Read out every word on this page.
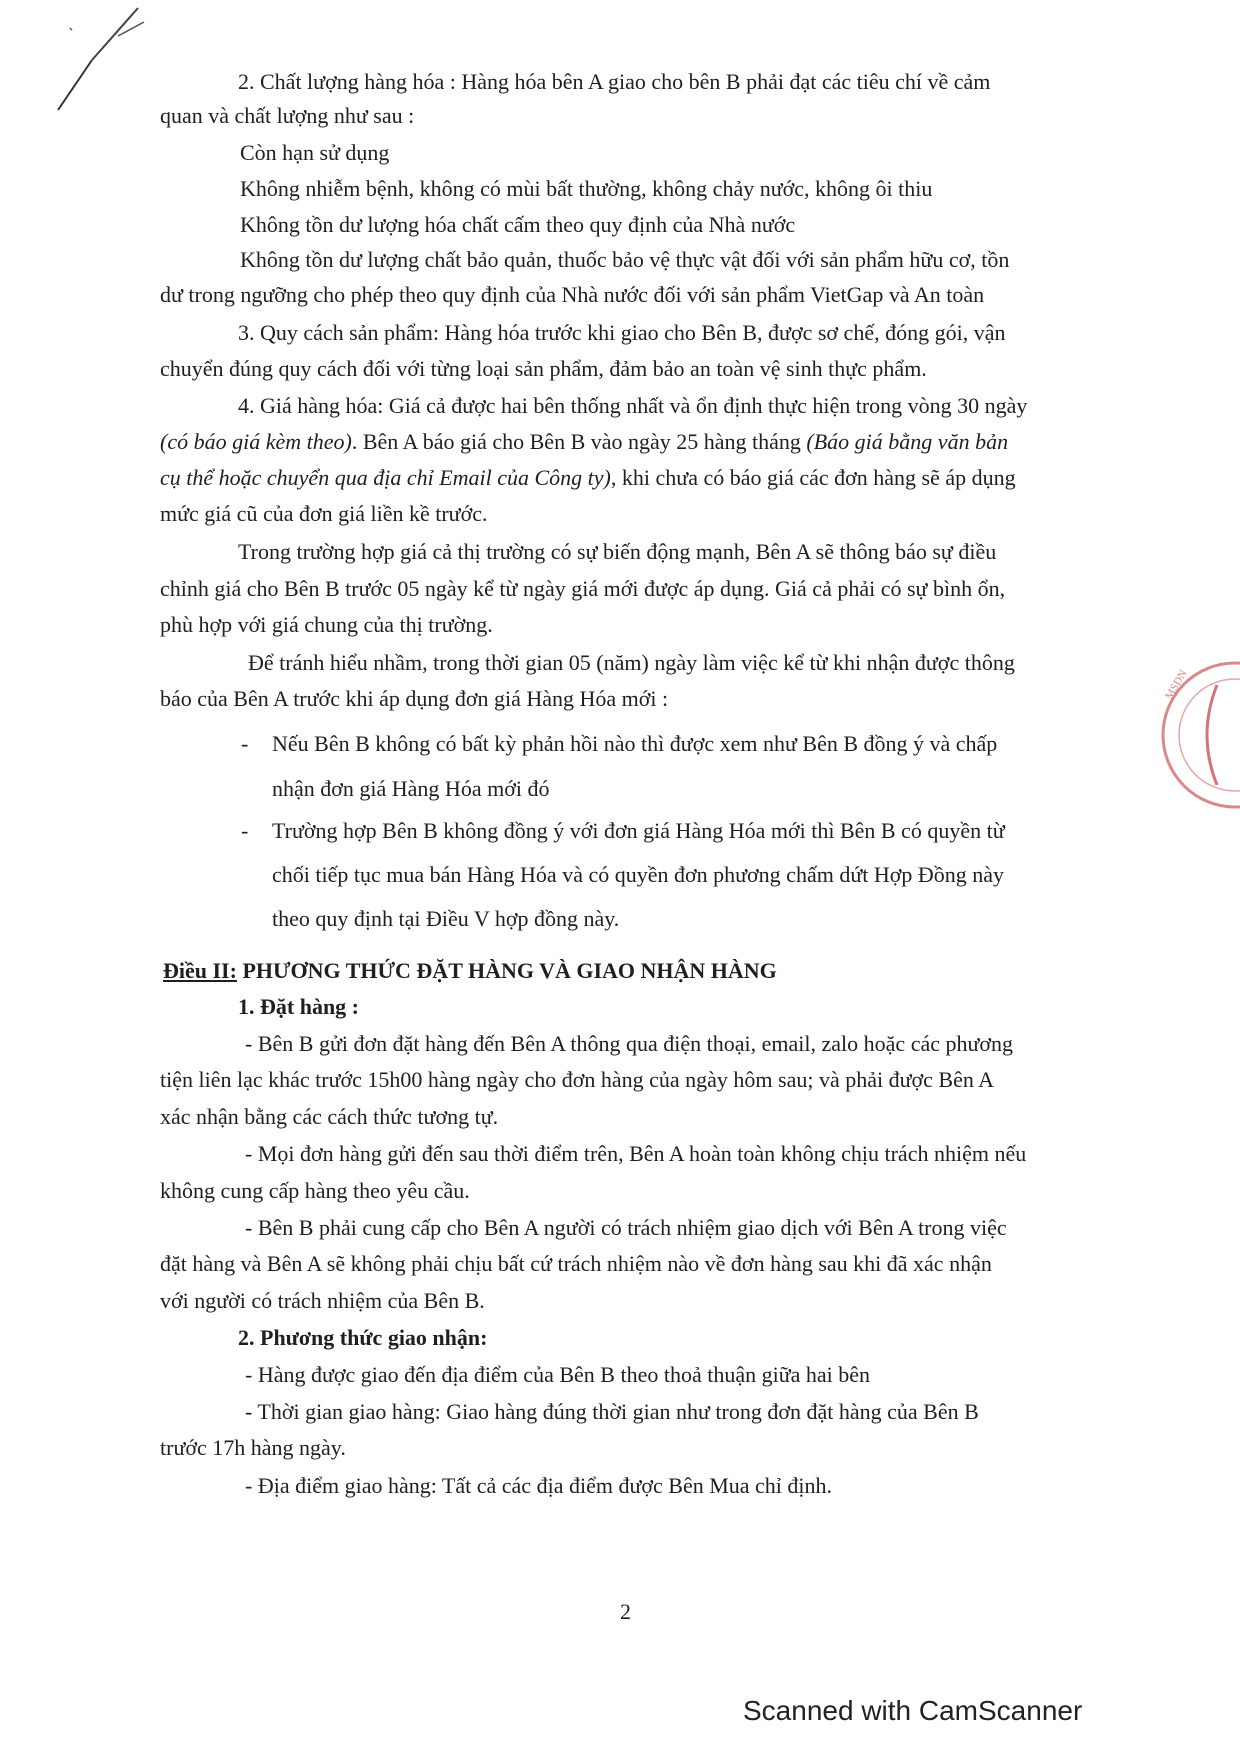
MSDN

2. Chất lượng hàng hóa : Hàng hóa bên A giao cho bên B phải đạt các tiêu chí về cảm

quan và chất lượng như sau :

Còn hạn sử dụng

Không nhiễm bệnh, không có mùi bất thường, không chảy nước, không ôi thiu

Không tồn dư lượng hóa chất cấm theo quy định của Nhà nước

Không tồn dư lượng chất bảo quản, thuốc bảo vệ thực vật đối với sản phẩm hữu cơ, tồn

dư trong ngưỡng cho phép theo quy định của Nhà nước đối với sản phẩm VietGap và An toàn

3. Quy cách sản phẩm: Hàng hóa trước khi giao cho Bên B, được sơ chế, đóng gói, vận

chuyển đúng quy cách đối với từng loại sản phẩm, đảm bảo an toàn vệ sinh thực phẩm.

4. Giá hàng hóa: Giá cả được hai bên thống nhất và ổn định thực hiện trong vòng 30 ngày

(có báo giá kèm theo). Bên A báo giá cho Bên B vào ngày 25 hàng tháng (Báo giá bằng văn bản

cụ thể hoặc chuyển qua địa chỉ Email của Công ty), khi chưa có báo giá các đơn hàng sẽ áp dụng

mức giá cũ của đơn giá liền kề trước.

Trong trường hợp giá cả thị trường có sự biến động mạnh, Bên A sẽ thông báo sự điều

chỉnh giá cho Bên B trước 05 ngày kể từ ngày giá mới được áp dụng. Giá cả phải có sự bình ổn,

phù hợp với giá chung của thị trường.

Để tránh hiểu nhầm, trong thời gian 05 (năm) ngày làm việc kể từ khi nhận được thông

báo của Bên A trước khi áp dụng đơn giá Hàng Hóa mới :

- Nếu Bên B không có bất kỳ phản hồi nào thì được xem như Bên B đồng ý và chấp

nhận đơn giá Hàng Hóa mới đó

- Trường hợp Bên B không đồng ý với đơn giá Hàng Hóa mới thì Bên B có quyền từ

chối tiếp tục mua bán Hàng Hóa và có quyền đơn phương chấm dứt Hợp Đồng này

theo quy định tại Điều V hợp đồng này.

Điều II: PHƯƠNG THỨC ĐẶT HÀNG VÀ GIAO NHẬN HÀNG

1. Đặt hàng :

- Bên B gửi đơn đặt hàng đến Bên A thông qua điện thoại, email, zalo hoặc các phương

tiện liên lạc khác trước 15h00 hàng ngày cho đơn hàng của ngày hôm sau; và phải được Bên A

xác nhận bằng các cách thức tương tự.

- Mọi đơn hàng gửi đến sau thời điểm trên, Bên A hoàn toàn không chịu trách nhiệm nếu

không cung cấp hàng theo yêu cầu.

- Bên B phải cung cấp cho Bên A người có trách nhiệm giao dịch với Bên A trong việc

đặt hàng và Bên A sẽ không phải chịu bất cứ trách nhiệm nào về đơn hàng sau khi đã xác nhận

với người có trách nhiệm của Bên B.

2. Phương thức giao nhận:

- Hàng được giao đến địa điểm của Bên B theo thoả thuận giữa hai bên

- Thời gian giao hàng: Giao hàng đúng thời gian như trong đơn đặt hàng của Bên B

trước 17h hàng ngày.

- Địa điểm giao hàng: Tất cả các địa điểm được Bên Mua chỉ định.

2
Scanned with CamScanner
